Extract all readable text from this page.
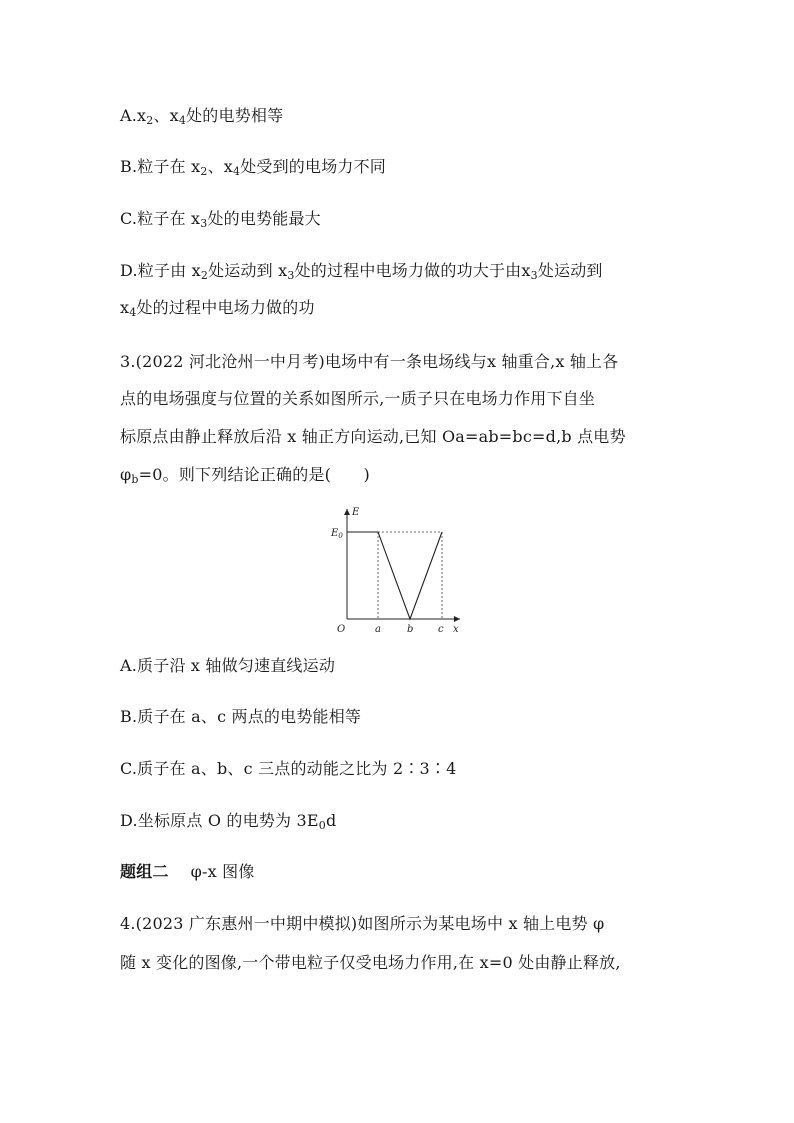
$A.x_2$、$x_4$处的电势相等
B.粒子在 $x_2$、$x_4$处受到的电场力不同
C.粒子在 $x_3$处的电势能最大
D.粒子由 $x_2$处运动到 $x_3$处的过程中电场力做的功大于由$x_3$处运动到
$x_4$处的过程中电场力做的功
3.(2022 河北沧州一中月考)电场中有一条电场线与x 轴重合,x 轴上各
点的电场强度与位置的关系如图所示,一质子只在电场力作用下自坐
标原点由静止释放后沿 x 轴正方向运动,已知 Oa=ab=bc=d,b 点电势
$\varphi_b=0$。则下列结论正确的是(　　)
E
x
$E_0$
O	a	b c
A.质子沿 x 轴做匀速直线运动
B.质子在 a、c 两点的电势能相等
C.质子在 a、b、c 三点的动能之比为 2∶3∶4
D.坐标原点 O 的电势为 $3E_0d$
题组二 φ-x 图像
4.(2023 广东惠州一中期中模拟)如图所示为某电场中 x 轴上电势 φ
随 x 变化的图像,一个带电粒子仅受电场力作用,在 x=0 处由静止释放,
